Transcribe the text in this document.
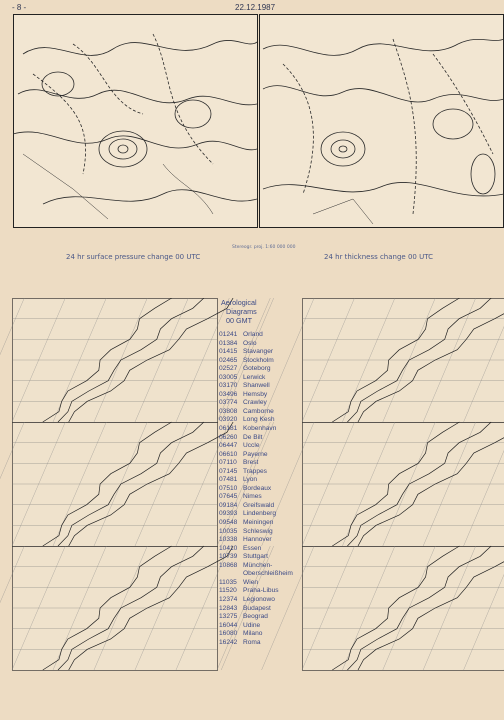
- 8 -	22.12.1987
Stereogr. proj. 1:60 000 000
24 hr surface pressure change 00 UTC	24 hr thickness change 00 UTC
Aerological
Diagrams
00 GMT
01241 Orland
01384 Oslo
01415 Stavanger
02465 Stockholm
02527 Goteborg
03005 Lerwick
03170 Shanwell
03496 Hemsby
03774 Crawley
03808 Camborne
03920 Long Kesh
06181 Kobenhavn
06260 De Bilt
06447 Uccle
06610 Payerne
07110 Brest
07145 Trappes
07481 Lyon
07510 Bordeaux
07645 Nimes
09184 Greifswald
09393 Lindenberg
09548 Meiningen
10035 Schleswig
10338 Hannover
10410 Essen
10739 Stuttgart
10868 München-
Oberschleißheim
11035 Wien
11520 Praha-Libus
12374 Legionowo
12843 Budapest
13275 Beograd
16044 Udine
16080 Milano
16242 Roma
